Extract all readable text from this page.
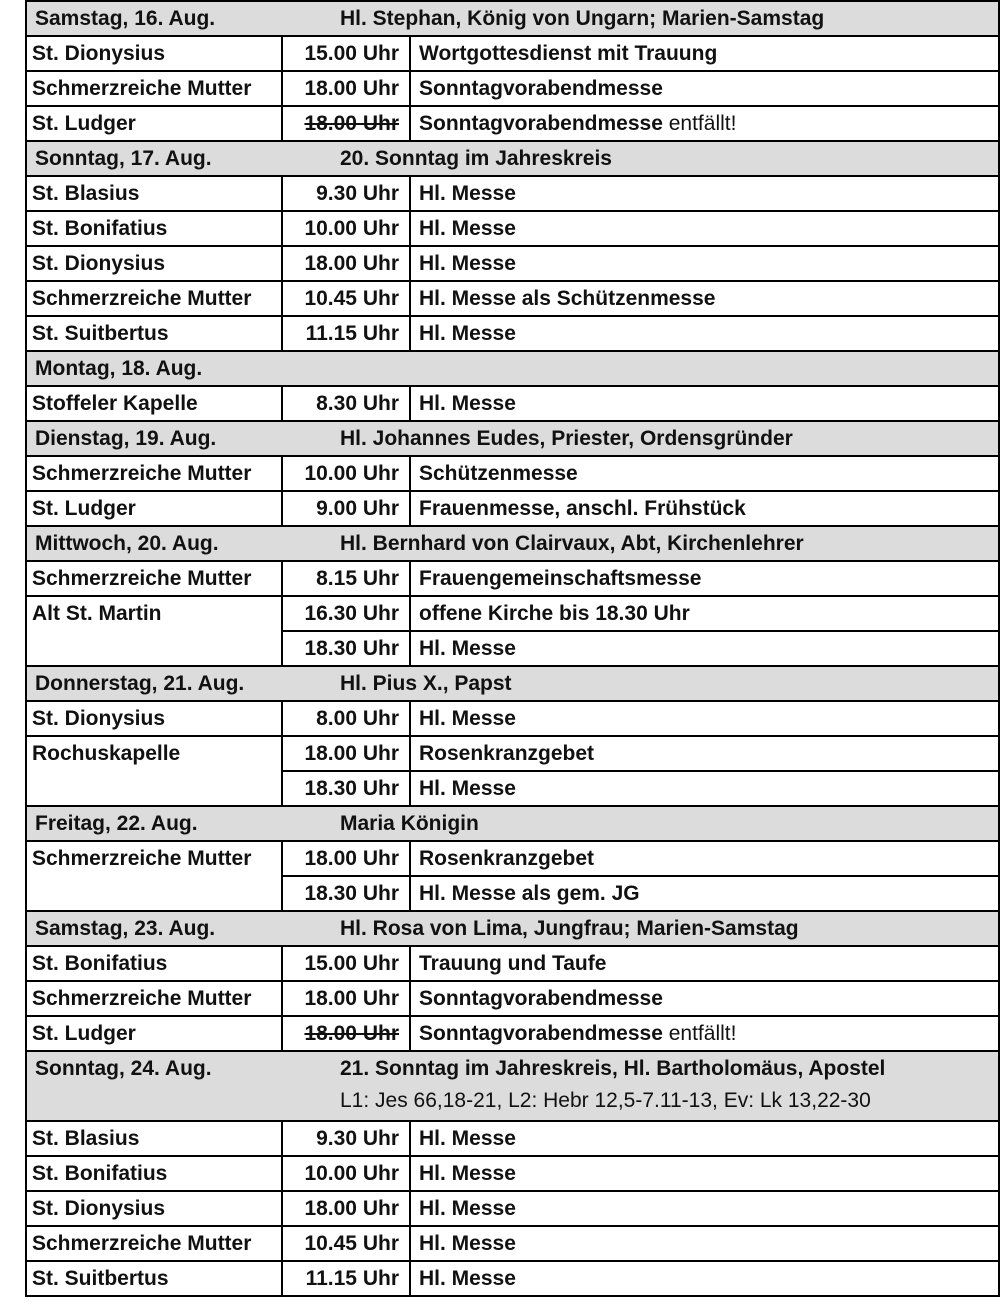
Samstag, 16. Aug.	Hl. Stephan, König von Ungarn; Marien-Samstag
St. Dionysius	15.00 Uhr Wortgottesdienst mit Trauung
Schmerzreiche Mutter	18.00 Uhr Sonntagvorabendmesse
St. Ludger	18.00 Uhr Sonntagvorabendmesse entfällt!
Sonntag, 17. Aug.	20. Sonntag im Jahreskreis
St. Blasius	9.30 Uhr Hl. Messe
St. Bonifatius	10.00 Uhr Hl. Messe
St. Dionysius	18.00 Uhr Hl. Messe
Schmerzreiche Mutter	10.45 Uhr Hl. Messe als Schützenmesse
St. Suitbertus	11.15 Uhr Hl. Messe
Montag, 18. Aug.
Stoffeler Kapelle	8.30 Uhr Hl. Messe
Dienstag, 19. Aug.	Hl. Johannes Eudes, Priester, Ordensgründer
Schmerzreiche Mutter	10.00 Uhr Schützenmesse
St. Ludger	9.00 Uhr Frauenmesse, anschl. Frühstück
Mittwoch, 20. Aug.	Hl. Bernhard von Clairvaux, Abt, Kirchenlehrer
Schmerzreiche Mutter	8.15 Uhr Frauengemeinschaftsmesse
Alt St. Martin	16.30 Uhr offene Kirche bis 18.30 Uhr
18.30 Uhr Hl. Messe
Donnerstag, 21. Aug.	Hl. Pius X., Papst
St. Dionysius	8.00 Uhr Hl. Messe
Rochuskapelle	18.00 Uhr Rosenkranzgebet
18.30 Uhr Hl. Messe
Freitag, 22. Aug.	Maria Königin
Schmerzreiche Mutter	18.00 Uhr Rosenkranzgebet
18.30 Uhr Hl. Messe als gem. JG
Samstag, 23. Aug.	Hl. Rosa von Lima, Jungfrau; Marien-Samstag
St. Bonifatius	15.00 Uhr Trauung und Taufe
Schmerzreiche Mutter	18.00 Uhr Sonntagvorabendmesse
St. Ludger	18.00 Uhr Sonntagvorabendmesse entfällt!
Sonntag, 24. Aug.	21. Sonntag im Jahreskreis, Hl. Bartholomäus, Apostel
L1: Jes 66,18-21, L2: Hebr 12,5-7.11-13, Ev: Lk 13,22-30
St. Blasius	9.30 Uhr Hl. Messe
St. Bonifatius	10.00 Uhr Hl. Messe
St. Dionysius	18.00 Uhr Hl. Messe
Schmerzreiche Mutter	10.45 Uhr Hl. Messe
St. Suitbertus	11.15 Uhr Hl. Messe
